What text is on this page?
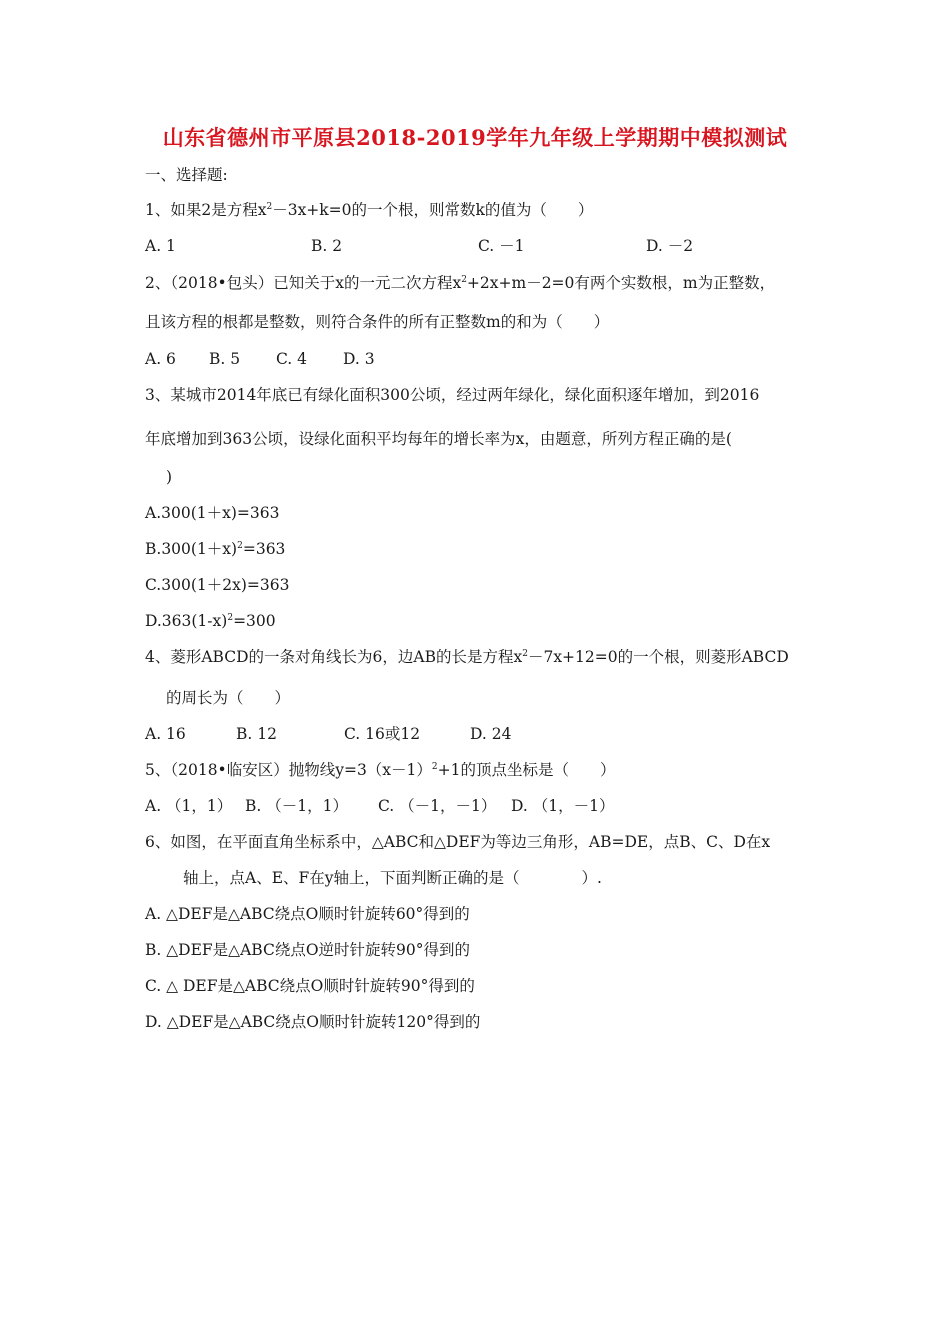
山东省德州市平原县2018-2019学年九年级上学期期中模拟测试
一、选择题:
1、如果2是方程$x^2-3x+k=0$的一个根，则常数k的值为（　　）
A. 1	B. 2	C. －1	D. －2
2、（2018•包头）已知关于x的一元二次方程$x^2+2x+m-2=0$有两个实数根，m为正整数，
且该方程的根都是整数，则符合条件的所有正整数m的和为（　　）
A. 6 B. 5 C. 4 D. 3
3、某城市2014年底已有绿化面积300公顷，经过两年绿化，绿化面积逐年增加，到2016
年底增加到363公顷，设绿化面积平均每年的增长率为x，由题意，所列方程正确的是(
)
A.300(1＋x)=363
$B.300(1+x)^2=363$
C.300(1＋2x)=363
$D.363(1-x)^2=300$
4、菱形ABCD的一条对角线长为6，边AB的长是方程$x^2-7x+12=0$的一个根，则菱形ABCD
的周长为（　　）
A. 16	B. 12	C. 16或12	D. 24
5、（2018•临安区）抛物线$y=3(x-1)^2+1$的顶点坐标是（　　）
A. （1，1） B. （－1，1） C. （－1，－1） D. （1，－1）
6、如图，在平面直角坐标系中，△ABC和△DEF为等边三角形，AB=DE，点B、C、D在x
轴上，点A、E、F在y轴上，下面判断正确的是（　　　　）.
A. △DEF是△ABC绕点O顺时针旋转60°得到的
B. △DEF是△ABC绕点O逆时针旋转90°得到的
C. △ DEF是△ABC绕点O顺时针旋转90°得到的
D. △DEF是△ABC绕点O顺时针旋转120°得到的
